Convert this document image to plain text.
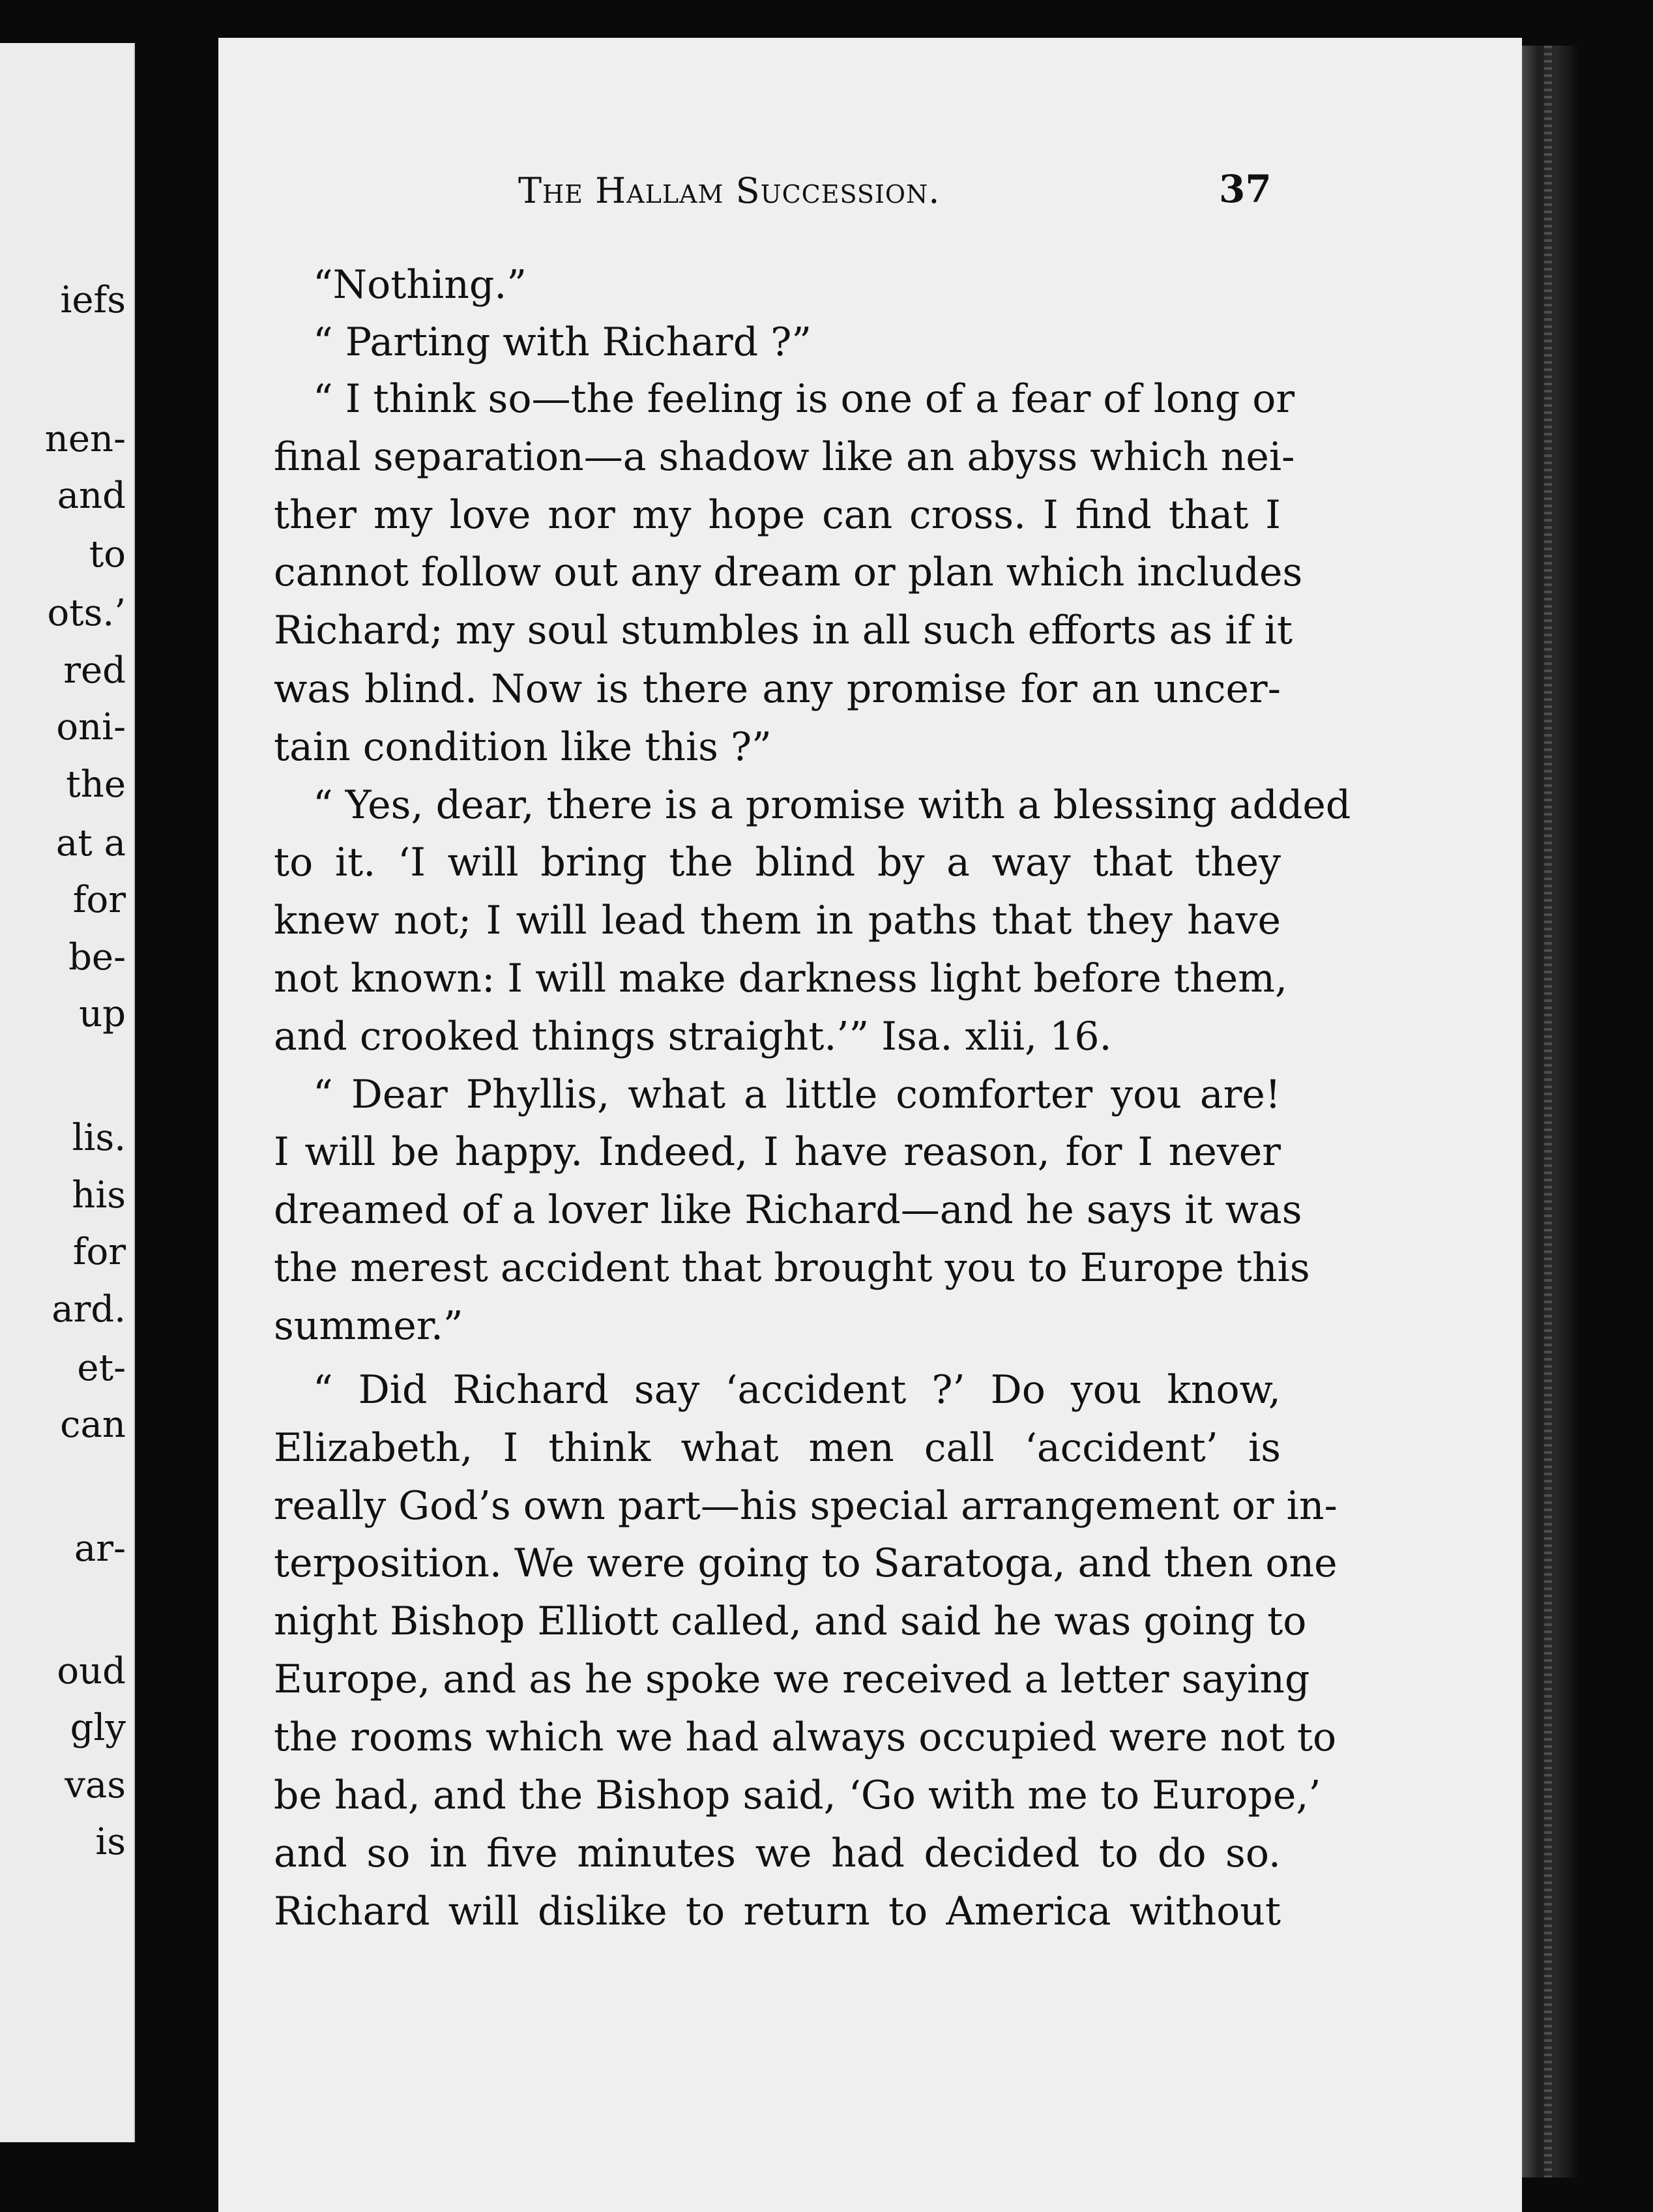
iefs
nen-
and
to
ots.’
red
oni-
the
at a
for
be-
up
lis.
his
for
ard.
et-
can
ar-
oud
gly
vas
is
The Hallam Succession.	37
“Nothing.”
“ Parting with Richard ?”
“ I think so—the feeling is one of a fear of long or
final separation—a shadow like an abyss which nei-
ther my love nor my hope can cross. I find that I
cannot follow out any dream or plan which includes
Richard; my soul stumbles in all such efforts as if it
was blind. Now is there any promise for an uncer-
tain condition like this ?”
“ Yes, dear, there is a promise with a blessing added
to it. ‘I will bring the blind by a way that they
knew not; I will lead them in paths that they have
not known: I will make darkness light before them,
and crooked things straight.’” Isa. xlii, 16.
“ Dear Phyllis, what a little comforter you are!
I will be happy. Indeed, I have reason, for I never
dreamed of a lover like Richard—and he says it was
the merest accident that brought you to Europe this
summer.”
“ Did Richard say ‘accident ?’ Do you know,
Elizabeth, I think what men call ‘accident’ is
really God’s own part—his special arrangement or in-
terposition. We were going to Saratoga, and then one
night Bishop Elliott called, and said he was going to
Europe, and as he spoke we received a letter saying
the rooms which we had always occupied were not to
be had, and the Bishop said, ‘Go with me to Europe,’
and so in five minutes we had decided to do so.
Richard will dislike to return to America without
